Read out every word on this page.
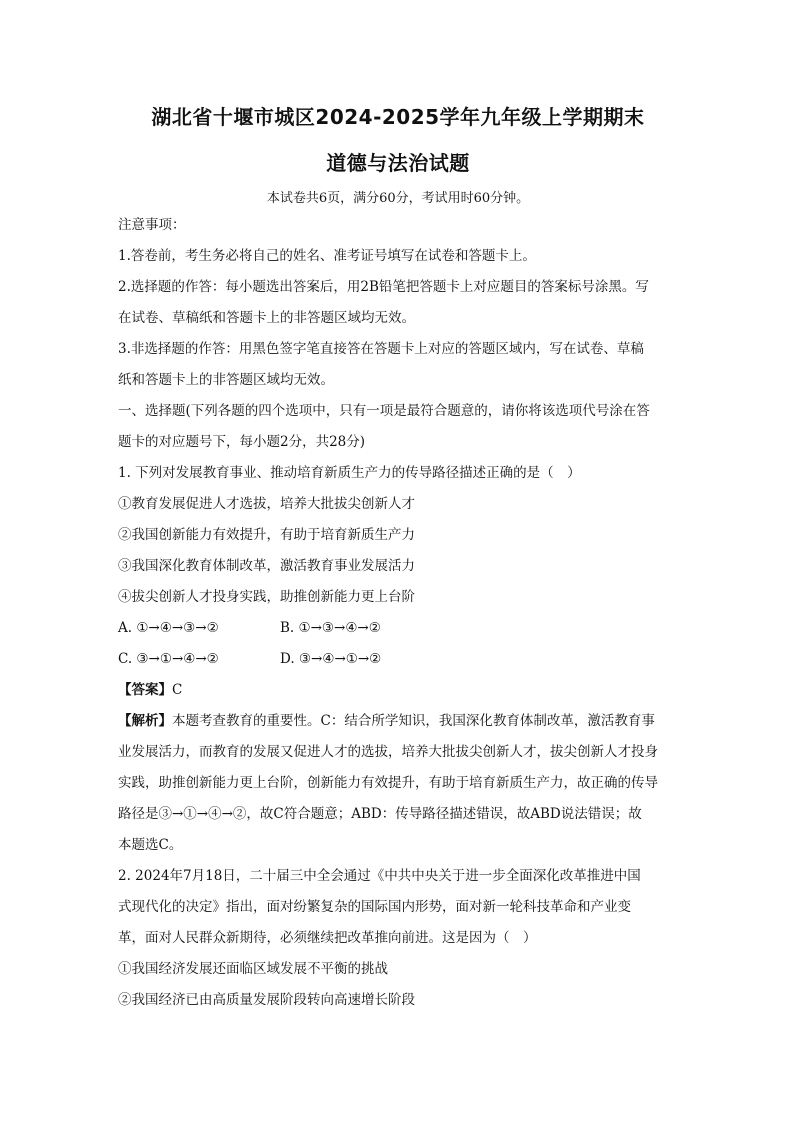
湖北省十堰市城区2024-2025学年九年级上学期期末
道德与法治试题
本试卷共6页，满分60分，考试用时60分钟。
注意事项：
1.答卷前，考生务必将自己的姓名、准考证号填写在试卷和答题卡上。
2.选择题的作答：每小题选出答案后，用2B铅笔把答题卡上对应题目的答案标号涂黑。写
在试卷、草稿纸和答题卡上的非答题区域均无效。
3.非选择题的作答：用黑色签字笔直接答在答题卡上对应的答题区域内，写在试卷、草稿
纸和答题卡上的非答题区域均无效。
一、选择题(下列各题的四个选项中，只有一项是最符合题意的，请你将该选项代号涂在答
题卡的对应题号下，每小题2分，共28分)
1. 下列对发展教育事业、推动培育新质生产力的传导路径描述正确的是（　）
①教育发展促进人才选拔，培养大批拔尖创新人才
②我国创新能力有效提升，有助于培育新质生产力
③我国深化教育体制改革，激活教育事业发展活力
④拔尖创新人才投身实践，助推创新能力更上台阶
A. ①→④→③→②	B. ①→③→④→②
C. ③→①→④→②	D. ③→④→①→②
【答案】C
【解析】本题考查教育的重要性。C：结合所学知识，我国深化教育体制改革，激活教育事
业发展活力，而教育的发展又促进人才的选拔，培养大批拔尖创新人才，拔尖创新人才投身
实践，助推创新能力更上台阶，创新能力有效提升，有助于培育新质生产力，故正确的传导
路径是③→①→④→②，故C符合题意；ABD：传导路径描述错误，故ABD说法错误；故
本题选C。
2. 2024年7月18日，二十届三中全会通过《中共中央关于进一步全面深化改革推进中国
式现代化的决定》指出，面对纷繁复杂的国际国内形势，面对新一轮科技革命和产业变
革，面对人民群众新期待，必须继续把改革推向前进。这是因为（　）
①我国经济发展还面临区域发展不平衡的挑战
②我国经济已由高质量发展阶段转向高速增长阶段
